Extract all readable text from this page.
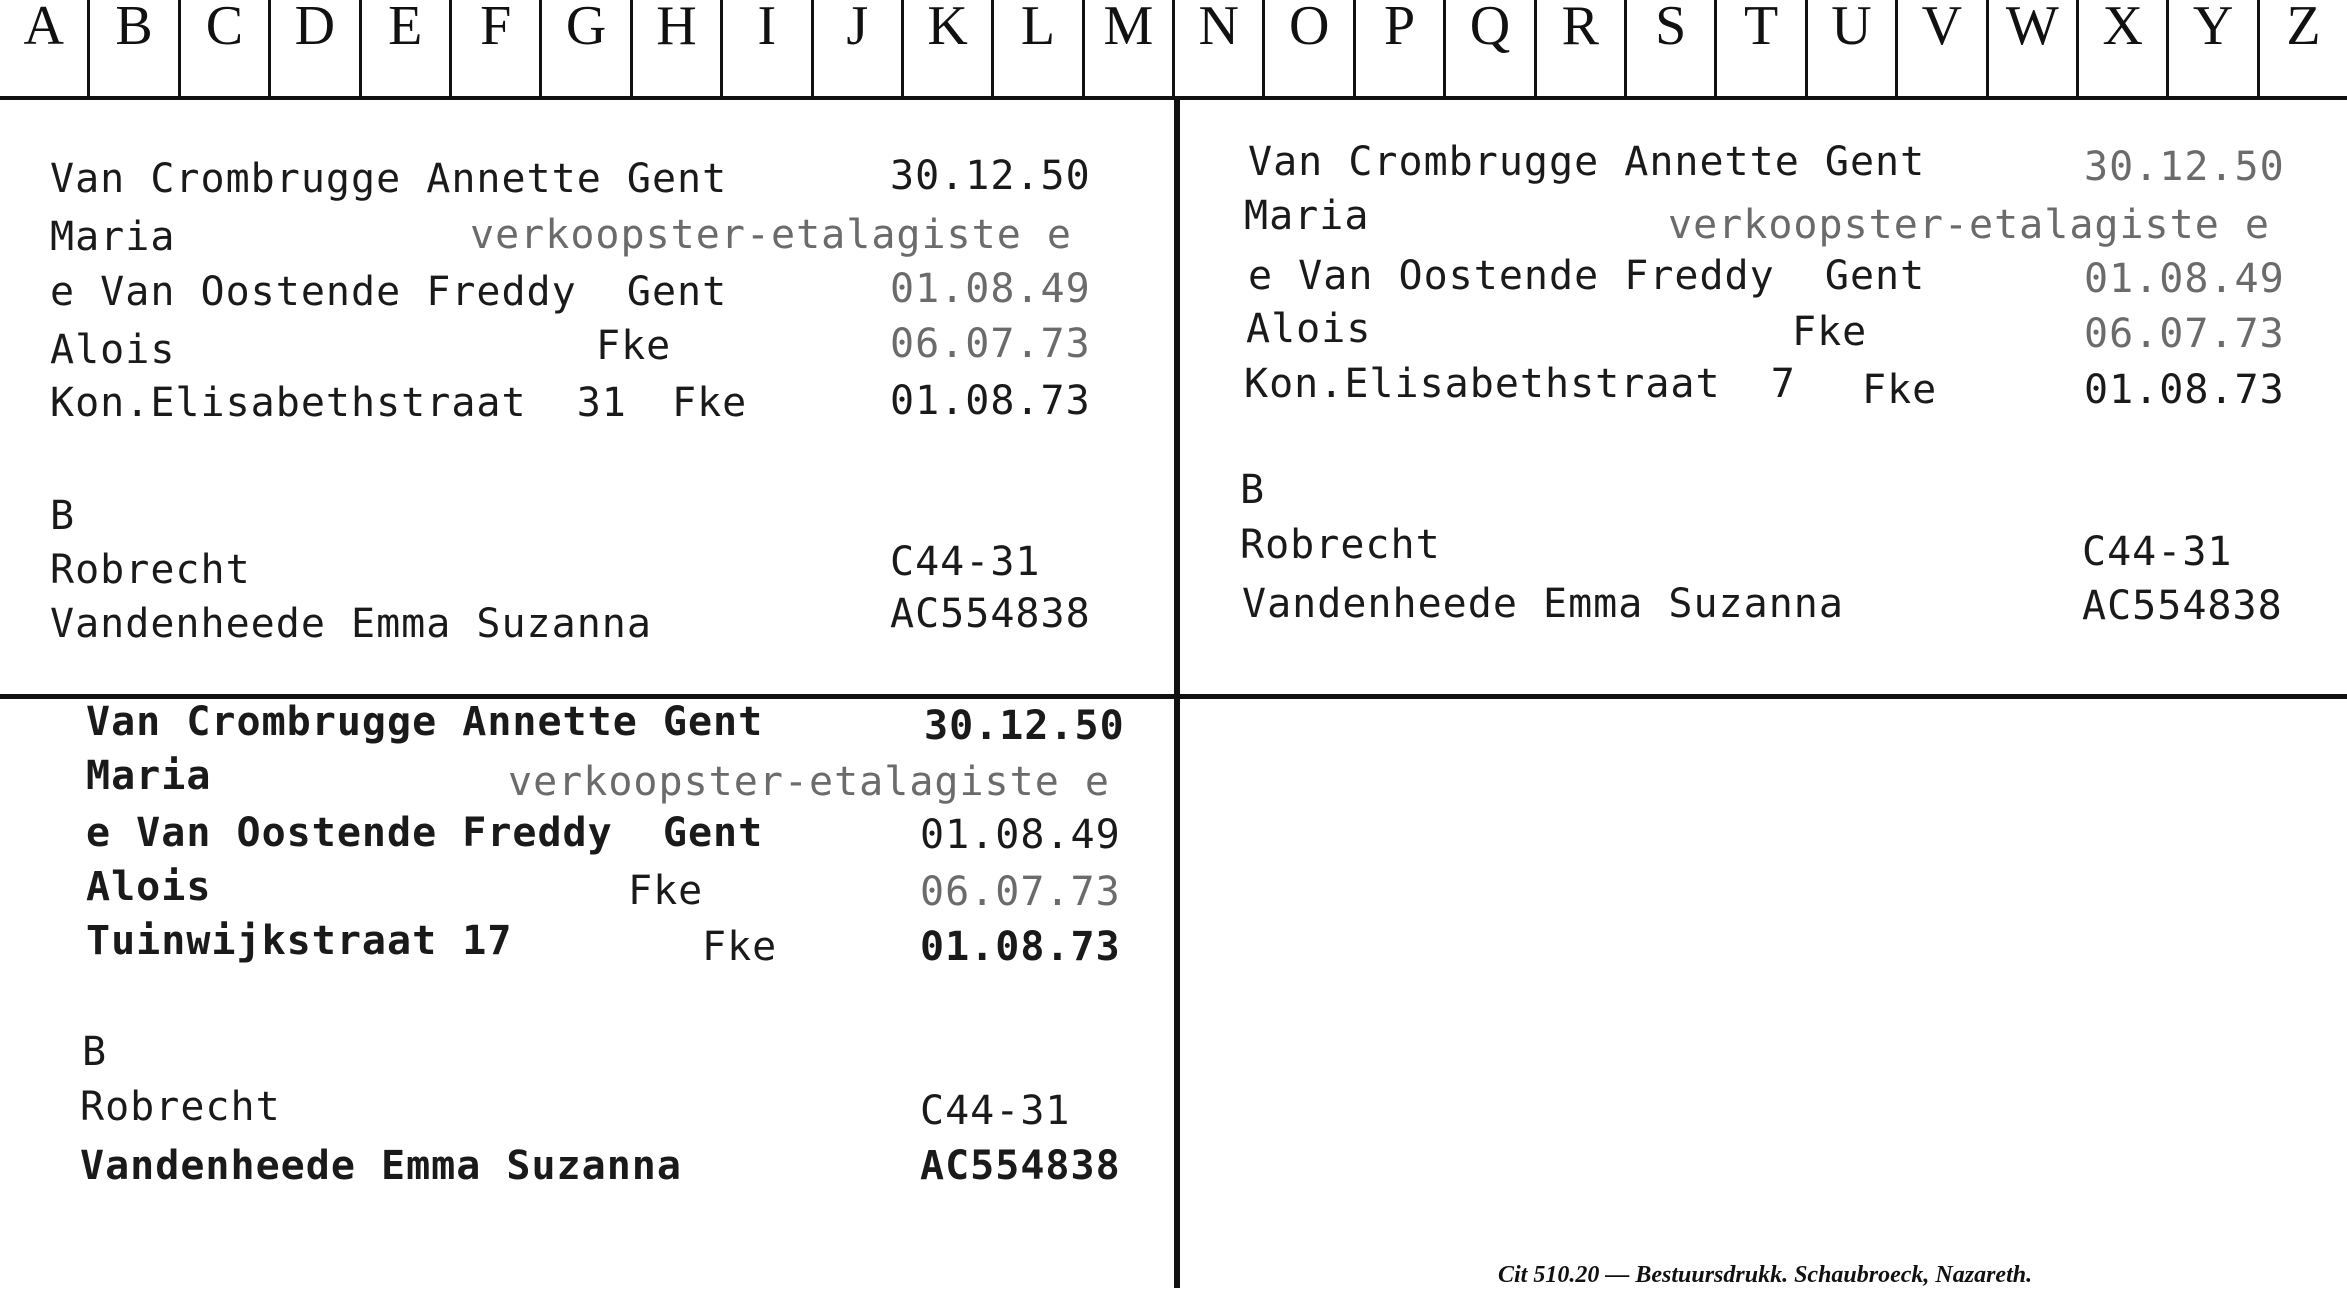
A B C D E	F G H	I	J	K L M N O P Q R	S	T U V W X Y Z
Van Crombrugge Annette Gent	30.12.50
Maria	verkoopster-etalagiste e
e Van Oostende Freddy  Gent	01.08.49
Alois	Fke	06.07.73
Kon.Elisabethstraat  31 Fke	01.08.73
B
Robrecht	C44-31
Vandenheede Emma Suzanna	AC554838
Van Crombrugge Annette Gent	30.12.50
Maria	verkoopster-etalagiste e
e Van Oostende Freddy  Gent	01.08.49
Alois	Fke	06.07.73
Kon.Elisabethstraat  7 Fke	01.08.73
B
Robrecht	C44-31
Vandenheede Emma Suzanna	AC554838
Van Crombrugge Annette Gent	30.12.50
Maria	verkoopster-etalagiste e
e Van Oostende Freddy  Gent	01.08.49
Alois	Fke	06.07.73
Tuinwijkstraat 17	Fke	01.08.73
B
Robrecht	C44-31
Vandenheede Emma Suzanna	AC554838
Cit 510.20 — Bestuursdrukk. Schaubroeck, Nazareth.
